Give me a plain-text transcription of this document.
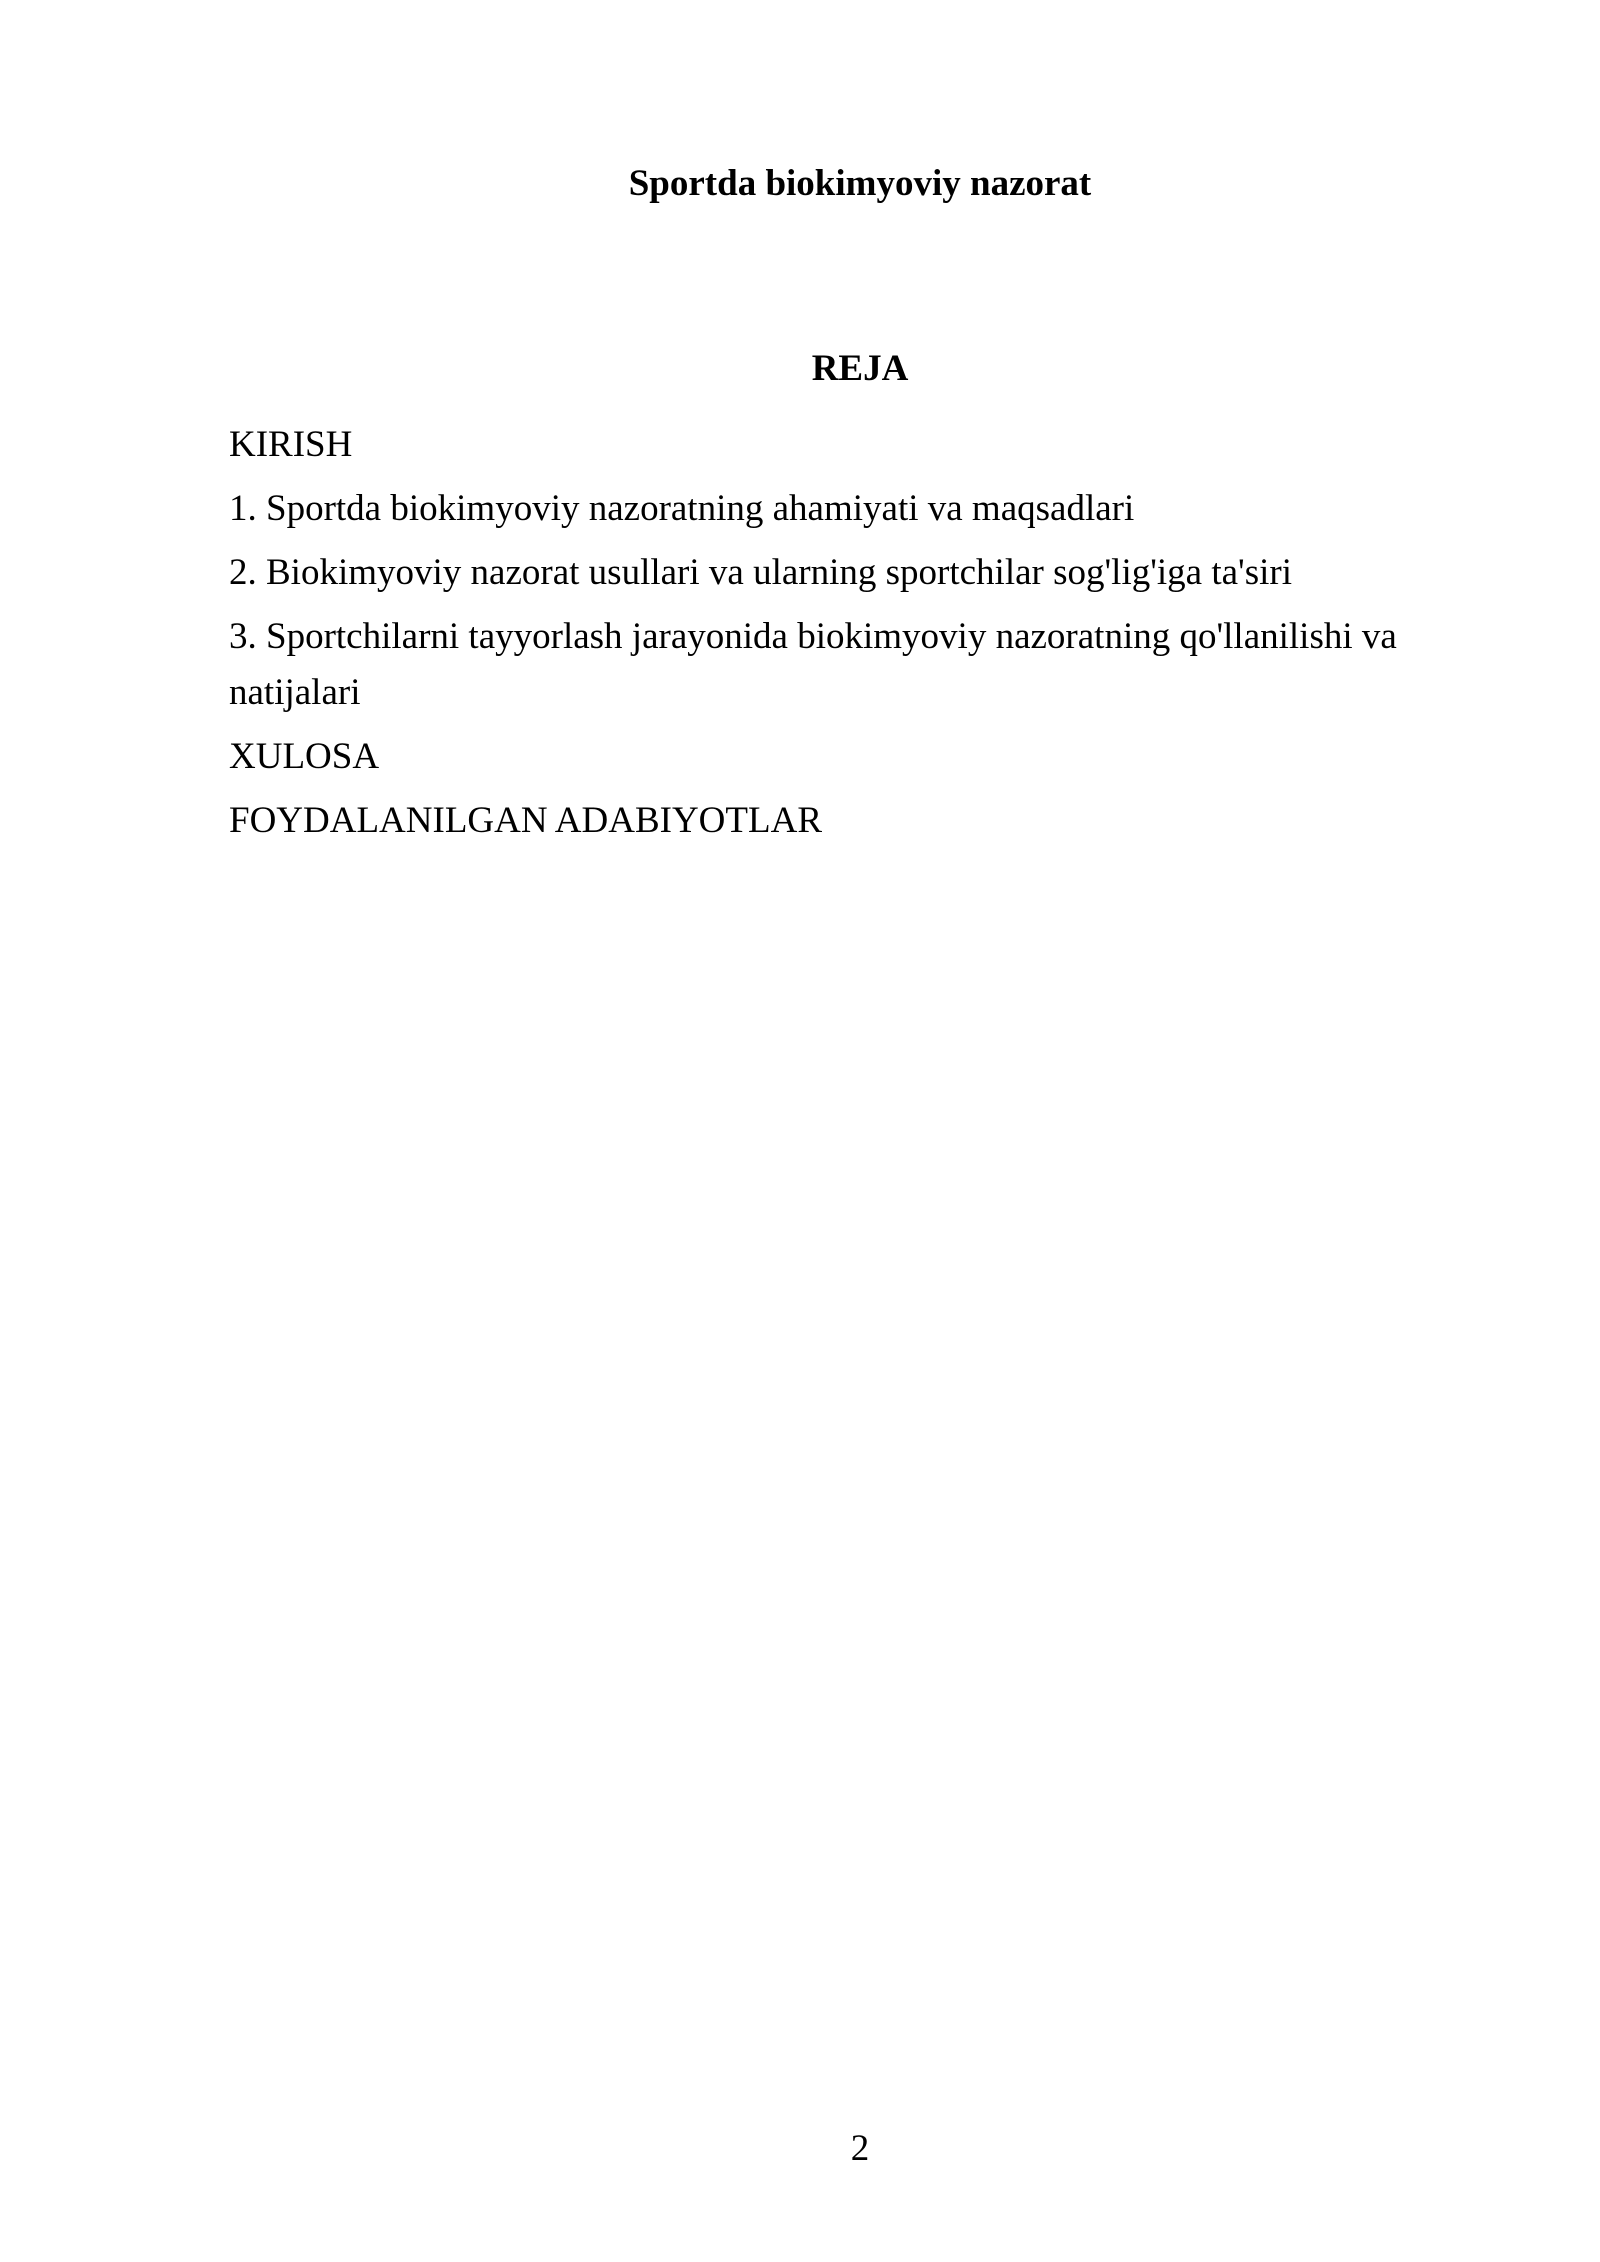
Sportda biokimyoviy nazorat
REJA
KIRISH
1. Sportda biokimyoviy nazoratning ahamiyati va maqsadlari
2. Biokimyoviy nazorat usullari va ularning sportchilar sog'lig'iga ta'siri
3. Sportchilarni tayyorlash jarayonida biokimyoviy nazoratning qo'llanilishi va natijalari
XULOSA
FOYDALANILGAN ADABIYOTLAR
2
